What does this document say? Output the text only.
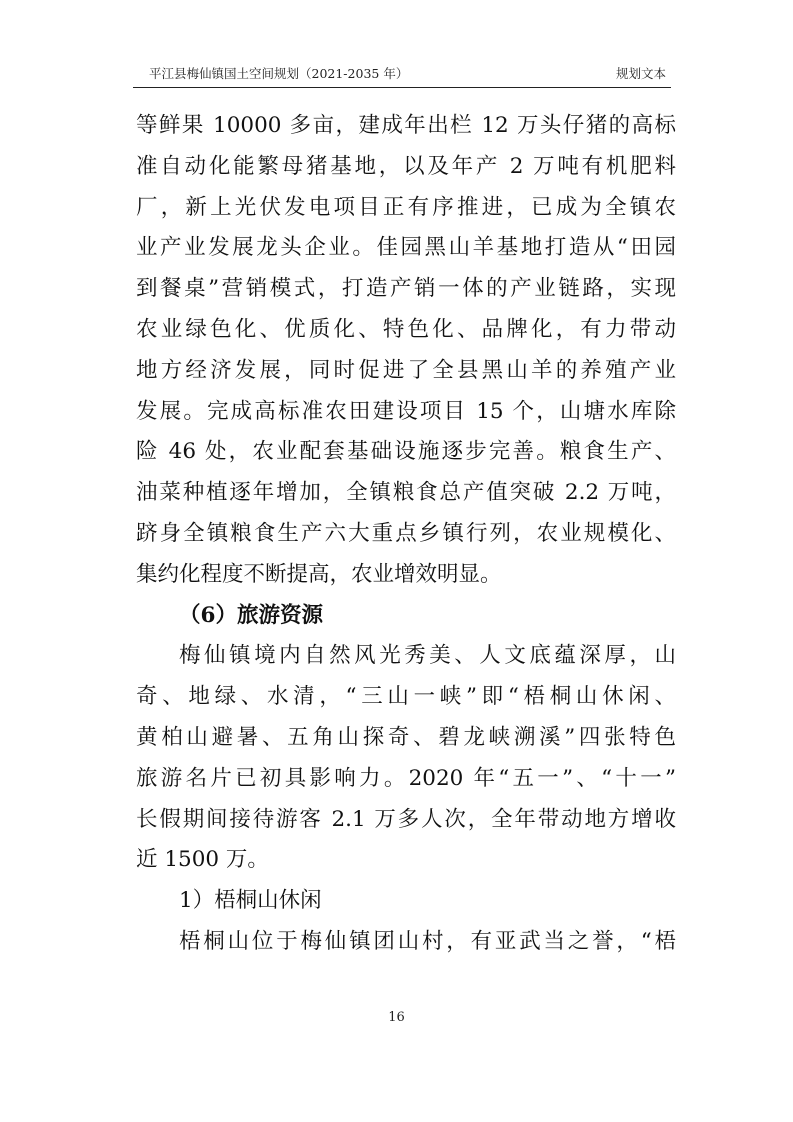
平江县梅仙镇国土空间规划（2021-2035 年）	规划文本

等鲜果 10000 多亩，建成年出栏 12 万头仔猪的高标
准自动化能繁母猪基地，以及年产 2 万吨有机肥料
厂，新上光伏发电项目正有序推进，已成为全镇农
业产业发展龙头企业。佳园黑山羊基地打造从“田园
到餐桌”营销模式，打造产销一体的产业链路，实现
农业绿色化、优质化、特色化、品牌化，有力带动
地方经济发展，同时促进了全县黑山羊的养殖产业
发展。完成高标准农田建设项目 15 个，山塘水库除
险 46 处，农业配套基础设施逐步完善。粮食生产、
油菜种植逐年增加，全镇粮食总产值突破 2.2 万吨，
跻身全镇粮食生产六大重点乡镇行列，农业规模化、
集约化程度不断提高，农业增效明显。

（6）旅游资源

梅仙镇境内自然风光秀美、人文底蕴深厚，山
奇、地绿、水清，“三山一峡”即“梧桐山休闲、
黄柏山避暑、五角山探奇、碧龙峡溯溪”四张特色
旅游名片已初具影响力。2020 年“五一”、“十一”
长假期间接待游客 2.1 万多人次，全年带动地方增收
近 1500 万。

1）梧桐山休闲

梧桐山位于梅仙镇团山村，有亚武当之誉，“梧

16
